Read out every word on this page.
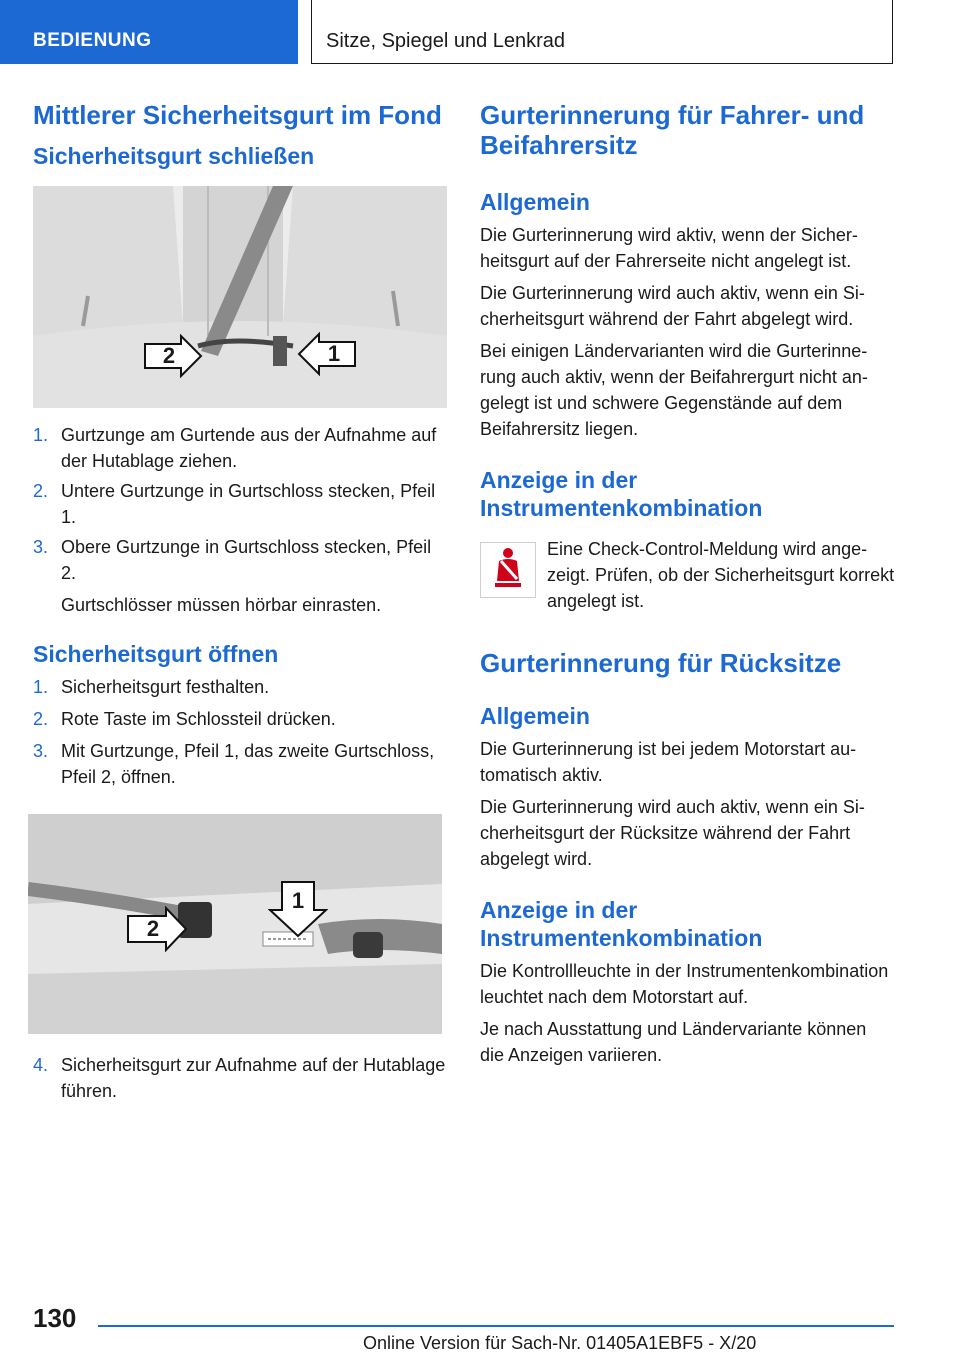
BEDIENUNG	Sitze, Spiegel und Lenkrad
Mittlerer Sicherheitsgurt im Fond
Sicherheitsgurt schließen
2	1
1. Gurtzunge am Gurtende aus der Aufnahme auf der Hutablage ziehen.

2. Untere Gurtzunge in Gurtschloss stecken, Pfeil 1.

3. Obere Gurtzunge in Gurtschloss stecken, Pfeil 2.

Gurtschlösser müssen hörbar einrasten.

Sicherheitsgurt öffnen
1. Sicherheitsgurt festhalten.

2. Rote Taste im Schlossteil drücken.

3. Mit Gurtzunge, Pfeil 1, das zweite Gurtschloss, Pfeil 2, öffnen.

2
1
4. Sicherheitsgurt zur Aufnahme auf der Hutablage führen.

Gurterinnerung für Fahrer- und Beifahrersitz
Allgemein

Die Gurterinnerung wird aktiv, wenn der Sicherheitsgurt auf der Fahrerseite nicht angelegt ist.

Die Gurterinnerung wird auch aktiv, wenn ein Sicherheitsgurt während der Fahrt abgelegt wird.

Bei einigen Ländervarianten wird die Gurterinnerung auch aktiv, wenn der Beifahrergurt nicht angelegt ist und schwere Gegenstände auf dem Beifahrersitz liegen.

Anzeige in der Instrumentenkombination

Eine Check-Control-Meldung wird angezeigt. Prüfen, ob der Sicherheitsgurt korrekt angelegt ist.

Gurterinnerung für Rücksitze
Allgemein

Die Gurterinnerung ist bei jedem Motorstart automatisch aktiv.

Die Gurterinnerung wird auch aktiv, wenn ein Sicherheitsgurt der Rücksitze während der Fahrt abgelegt wird.

Anzeige in der Instrumentenkombination

Die Kontrollleuchte in der Instrumentenkombination leuchtet nach dem Motorstart auf.

Je nach Ausstattung und Ländervariante können die Anzeigen variieren.

130
Online Version für Sach-Nr. 01405A1EBF5 - X/20
